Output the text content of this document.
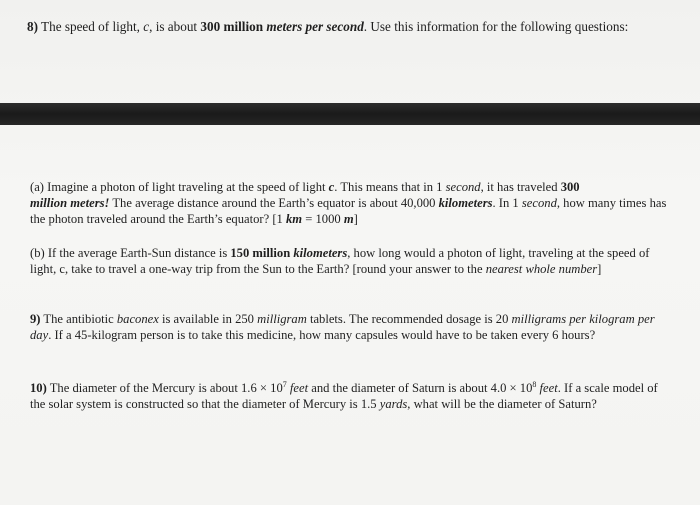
8) The speed of light, c, is about 300 million meters per second. Use this information for the following questions:
(a) Imagine a photon of light traveling at the speed of light c. This means that in 1 second, it has traveled 300
million meters! The average distance around the Earth’s equator is about 40,000 kilometers. In 1 second, how many times has the photon traveled around the Earth’s equator? [1 km = 1000 m]
(b) If the average Earth-Sun distance is 150 million kilometers, how long would a photon of light, traveling at the speed of light, c, take to travel a one-way trip from the Sun to the Earth? [round your answer to the nearest whole number]
9) The antibiotic baconex is available in 250 milligram tablets. The recommended dosage is 20 milligrams per kilogram per day. If a 45-kilogram person is to take this medicine, how many capsules would have to be taken every 6 hours?
10) The diameter of the Mercury is about $1.6 \times 10^7$ feet and the diameter of Saturn is about $4.0 \times 10^8$ feet. If a scale model of the solar system is constructed so that the diameter of Mercury is 1.5 yards, what will be the diameter of Saturn?
